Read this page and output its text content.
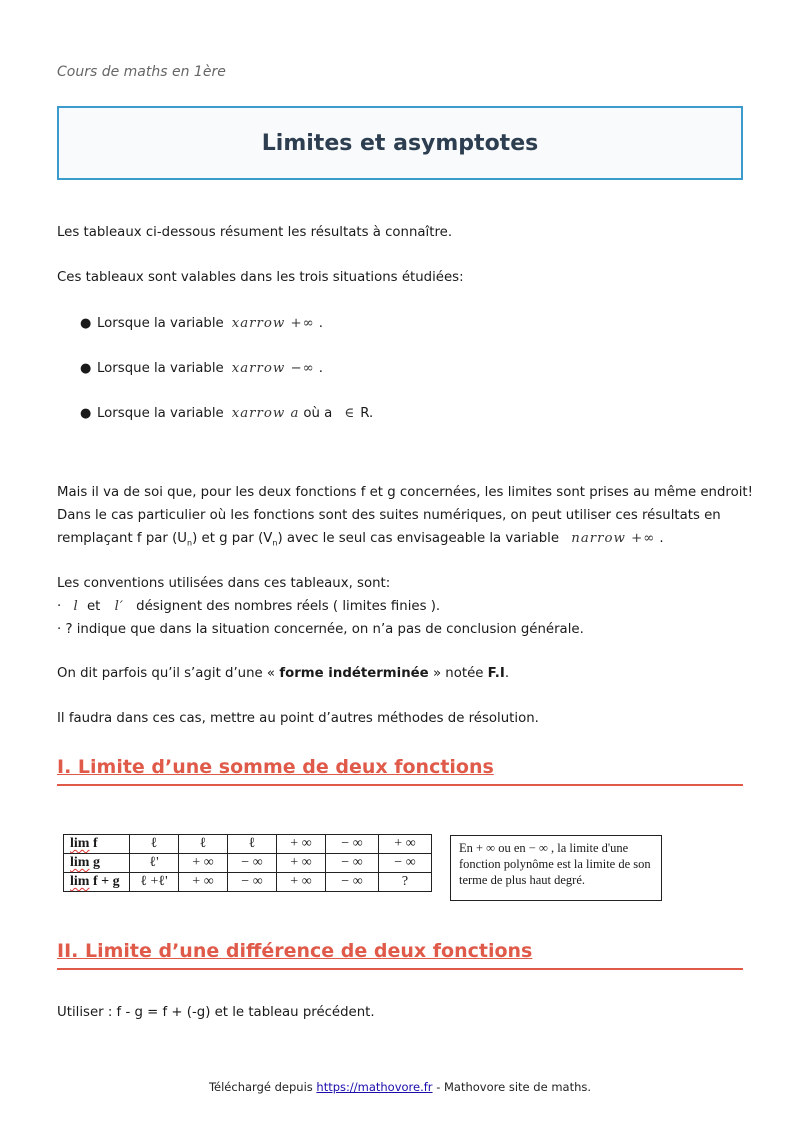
Cours de maths en 1ère
Limites et asymptotes
Les tableaux ci-dessous résument les résultats à connaître.
Ces tableaux sont valables dans les trois situations étudiées:
● Lorsque la variable xarrow +∞ .
● Lorsque la variable xarrow −∞ .
● Lorsque la variable xarrow a où a ∈ R.
Mais il va de soi que, pour les deux fonctions f et g concernées, les limites sont prises au même endroit!
Dans le cas particulier où les fonctions sont des suites numériques, on peut utiliser ces résultats en
remplaçant f par $(U_n)$ et g par $(V_n)$ avec le seul cas envisageable la variable narrow +∞ .
Les conventions utilisées dans ces tableaux, sont:
· l et l′ désignent des nombres réels ( limites finies ).
· ? indique que dans la situation concernée, on n’a pas de conclusion générale.
On dit parfois qu’il s’agit d’une « forme indéterminée » notée F.I.
Il faudra dans ces cas, mettre au point d’autres méthodes de résolution.
I. Limite d’une somme de deux fonctions
lim f	ℓ	ℓ	ℓ	+ ∞	− ∞	+ ∞
lim g	ℓ'	+ ∞	− ∞	+ ∞	− ∞	− ∞
lim f + g	ℓ +ℓ'	+ ∞	− ∞	+ ∞	− ∞	?
En + ∞ ou en − ∞ , la limite d'une fonction polynôme est la limite de son terme de plus haut degré.
II. Limite d’une différence de deux fonctions
Utiliser : f - g = f + (-g) et le tableau précédent.
Téléchargé depuis https://mathovore.fr - Mathovore site de maths.
